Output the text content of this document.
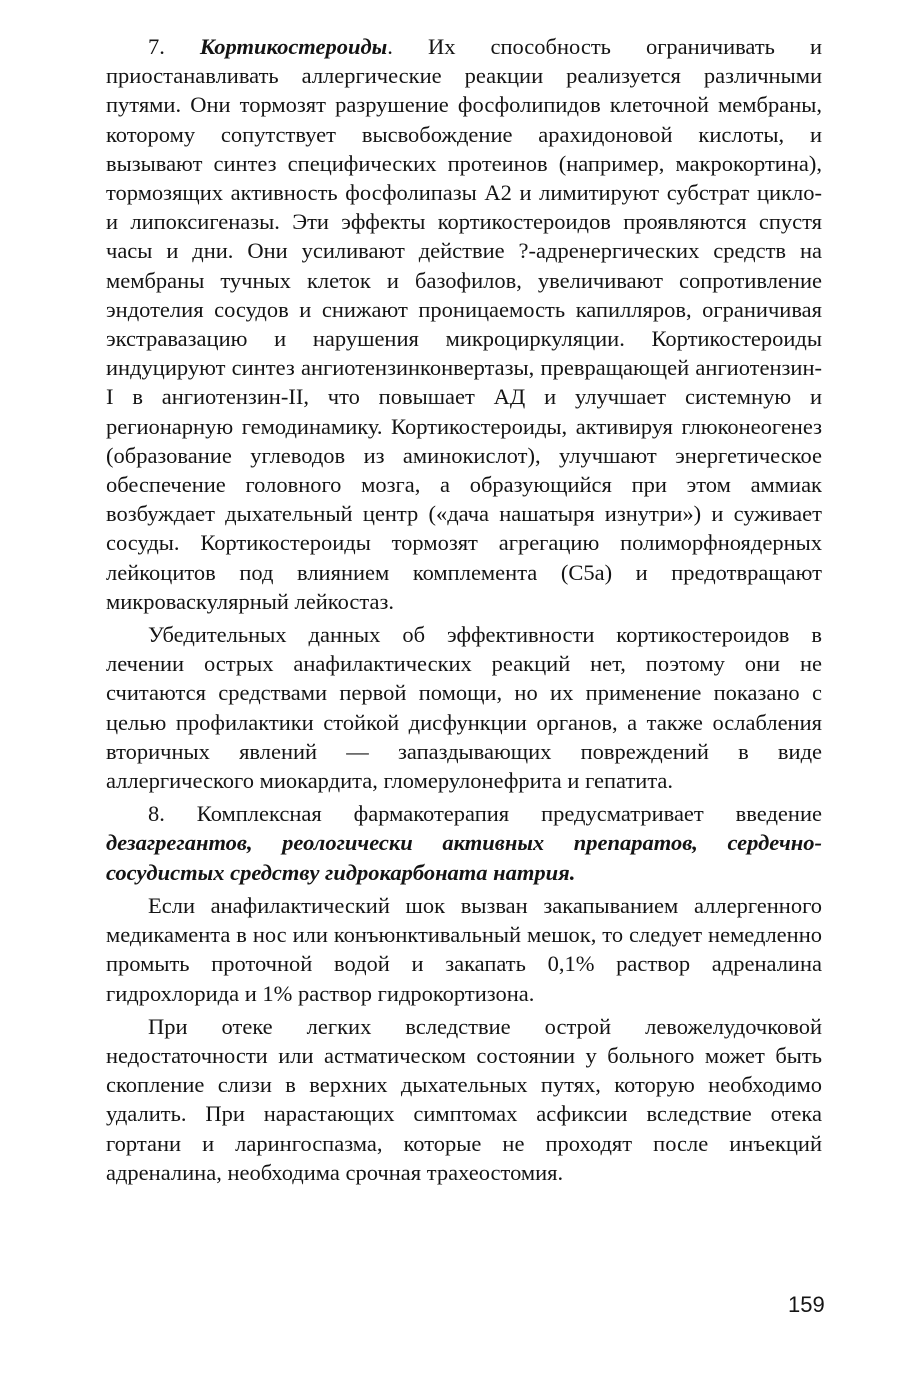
7. Кортикостероиды. Их способность ограничивать и приостанавливать аллергические реакции реализуется различными путями. Они тормозят разрушение фосфолипидов клеточной мембраны, которому сопутствует высвобождение арахидоновой кислоты, и вызывают синтез специфических протеинов (например, макрокортина), тормозящих активность фосфолипазы А2 и лимитируют субстрат цикло- и липоксигеназы. Эти эффекты кортикостероидов проявляются спустя часы и дни. Они усиливают действие ?-адренергических средств на мембраны тучных клеток и базофилов, увеличивают сопротивление эндотелия сосудов и снижают проницаемость капилляров, ограничивая экстравазацию и нарушения микроциркуляции. Кортикостероиды индуцируют синтез ангиотензинконвертазы, превращающей ангиотензин-I в ангиотензин-II, что повышает АД и улучшает системную и регионарную гемодинамику. Кортикостероиды, активируя глюконеогенез (образование углеводов из аминокислот), улучшают энергетическое обеспечение головного мозга, а образующийся при этом аммиак возбуждает дыхательный центр («дача нашатыря изнутри») и суживает сосуды. Кортикостероиды тормозят агрегацию полиморфноядерных лейкоцитов под влиянием комплемента (С5а) и предотвращают микроваскулярный лейкостаз.

Убедительных данных об эффективности кортикостероидов в лечении острых анафилактических реакций нет, поэтому они не считаются средствами первой помощи, но их применение показано с целью профилактики стойкой дисфункции органов, а также ослабления вторичных явлений — запаздывающих повреждений в виде аллергического миокардита, гломерулонефрита и гепатита.

8. Комплексная фармакотерапия предусматривает введение дезагрегантов, реологически активных препаратов, сердечно-сосудистых средству гидрокарбоната натрия.

Если анафилактический шок вызван закапыванием аллергенного медикамента в нос или конъюнктивальный мешок, то следует немедленно промыть проточной водой и закапать 0,1% раствор адреналина гидрохлорида и 1% раствор гидрокортизона.

При отеке легких вследствие острой левожелудочковой недостаточности или астматическом состоянии у больного может быть скопление слизи в верхних дыхательных путях, которую необходимо удалить. При нарастающих симптомах асфиксии вследствие отека гортани и ларингоспазма, которые не проходят после инъекций адреналина, необходима срочная трахеостомия.

159
